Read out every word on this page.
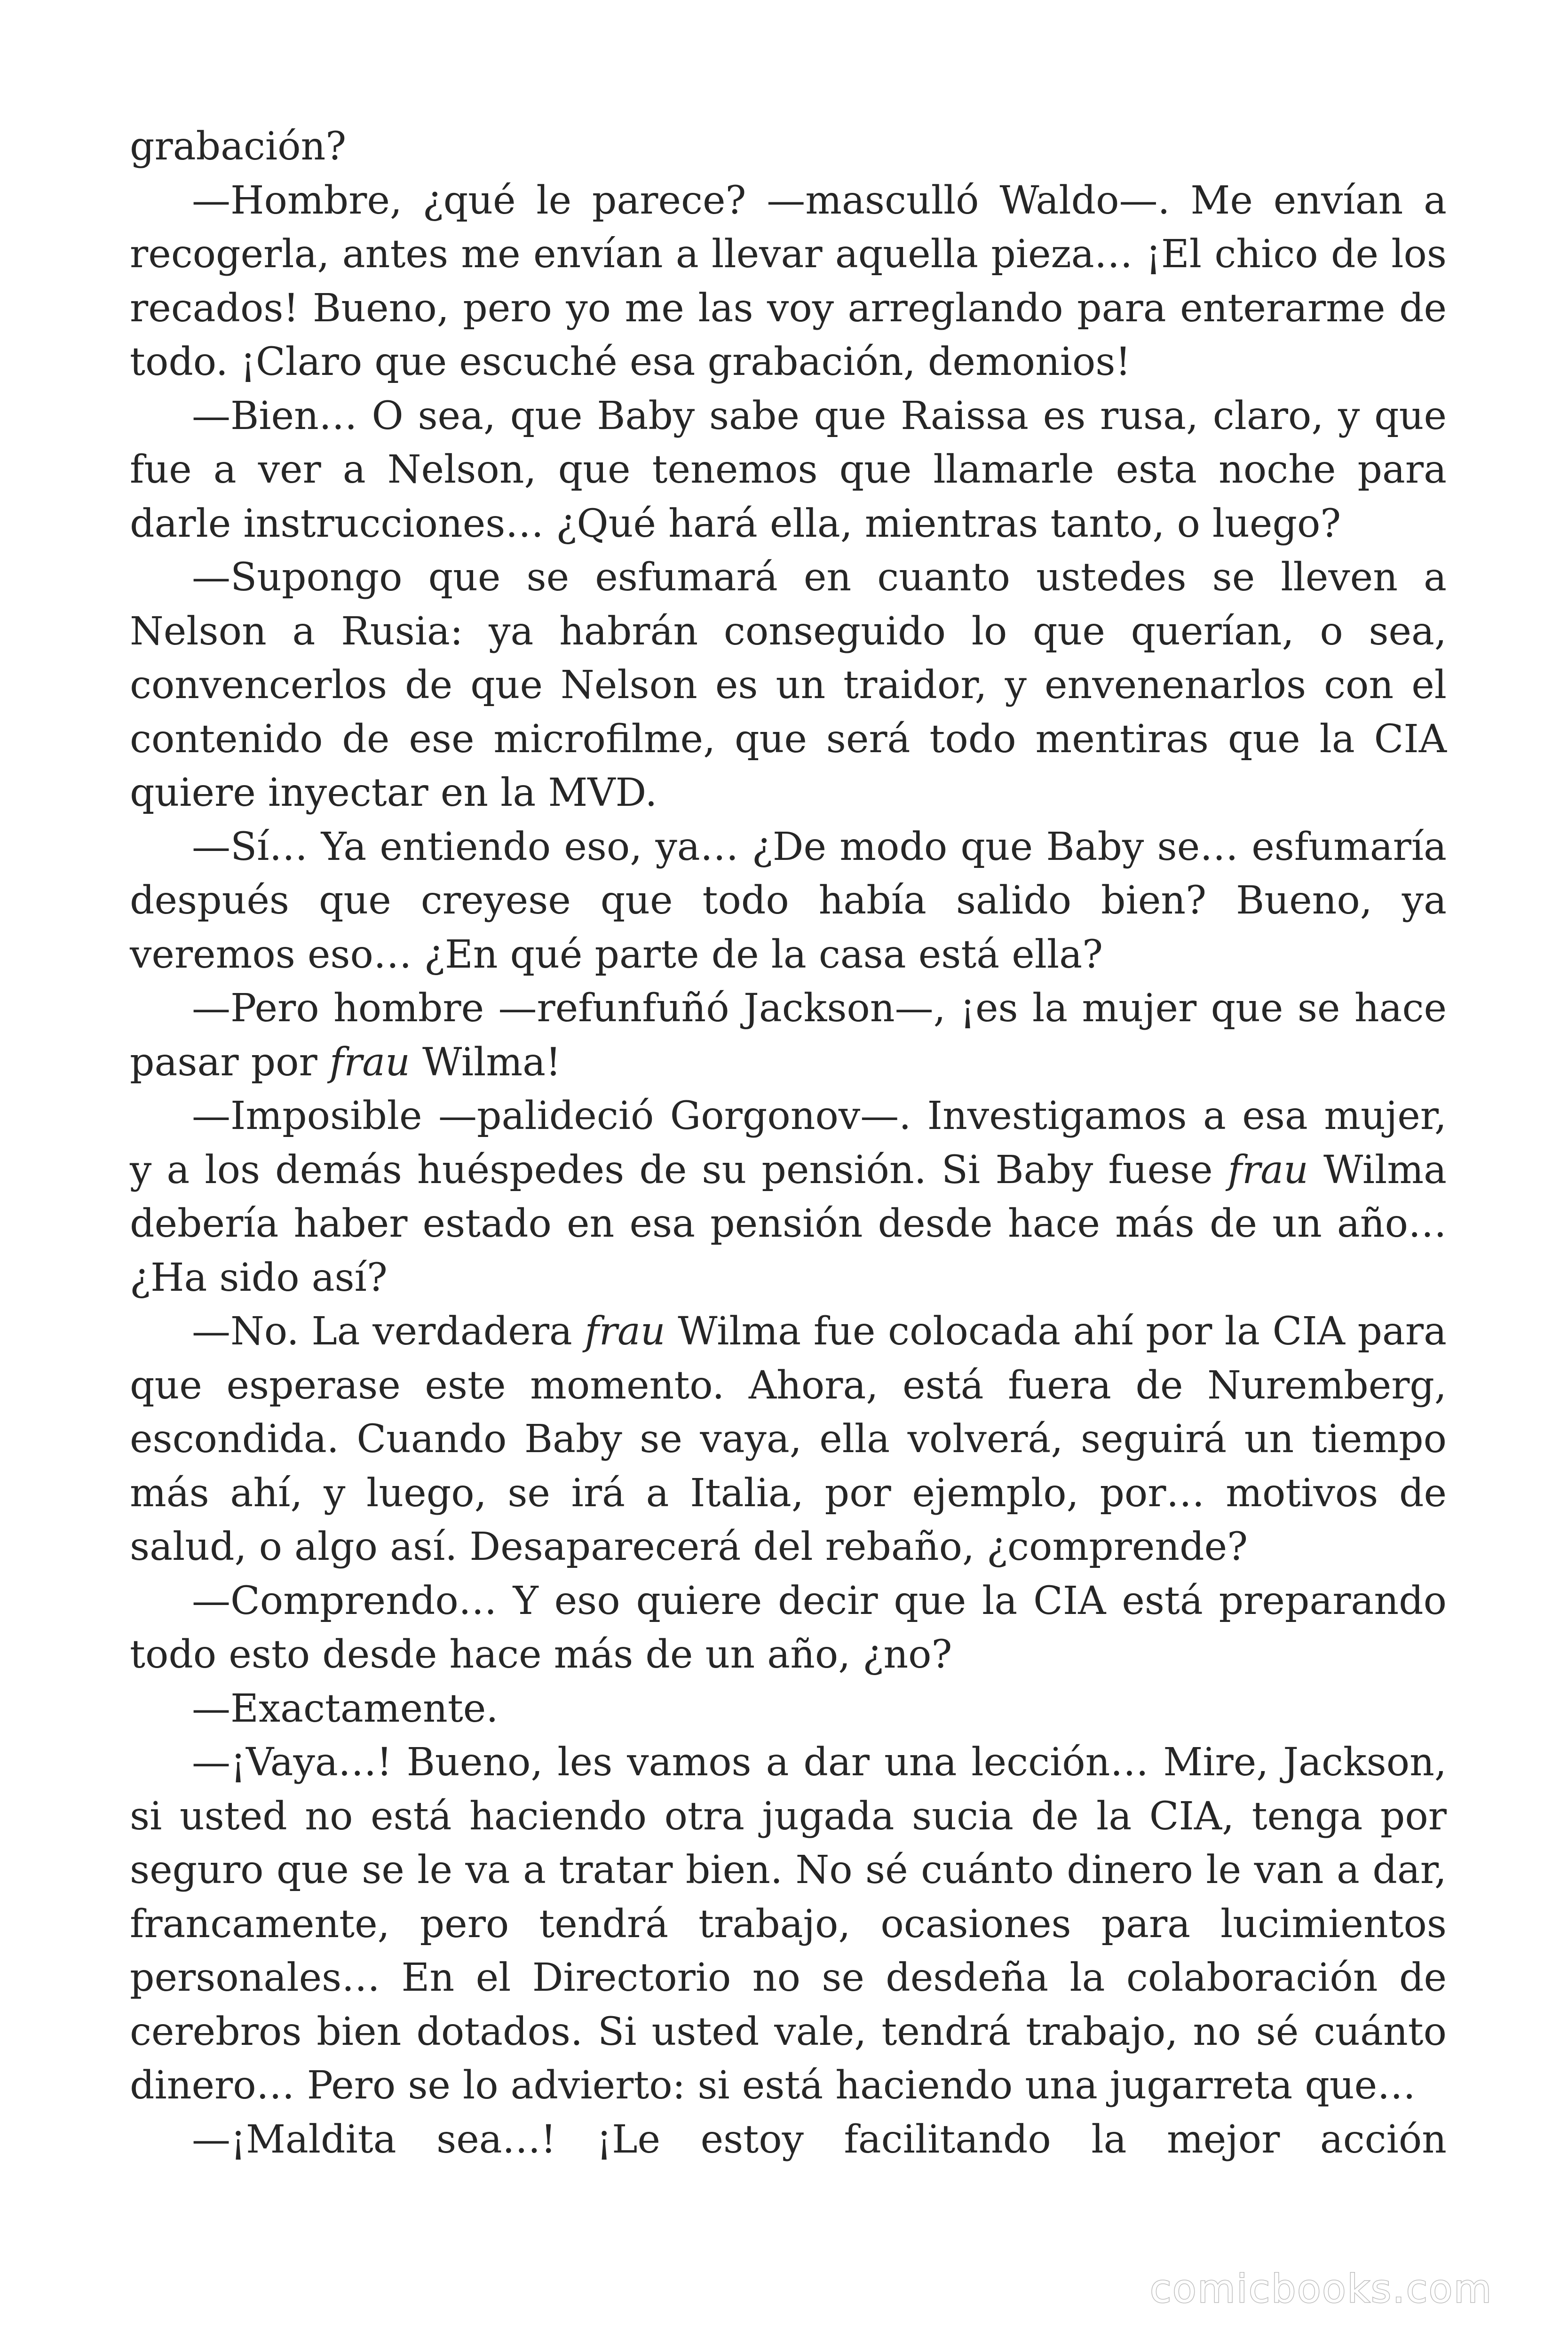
grabación?

—Hombre, ¿qué le parece? —masculló Waldo—. Me envían a recogerla, antes me envían a llevar aquella pieza… ¡El chico de los recados! Bueno, pero yo me las voy arreglando para enterarme de todo. ¡Claro que escuché esa grabación, demonios!

—Bien… O sea, que Baby sabe que Raissa es rusa, claro, y que fue a ver a Nelson, que tenemos que llamarle esta noche para darle instrucciones… ¿Qué hará ella, mientras tanto, o luego?

—Supongo que se esfumará en cuanto ustedes se lleven a Nelson a Rusia: ya habrán conseguido lo que querían, o sea, convencerlos de que Nelson es un traidor, y envenenarlos con el contenido de ese microfilme, que será todo mentiras que la CIA quiere inyectar en la MVD.

—Sí… Ya entiendo eso, ya… ¿De modo que Baby se… esfumaría después que creyese que todo había salido bien? Bueno, ya veremos eso… ¿En qué parte de la casa está ella?

—Pero hombre —refunfuñó Jackson—, ¡es la mujer que se hace pasar por frau Wilma!

—Imposible —palideció Gorgonov—. Investigamos a esa mujer, y a los demás huéspedes de su pensión. Si Baby fuese frau Wilma debería haber estado en esa pensión desde hace más de un año… ¿Ha sido así?

—No. La verdadera frau Wilma fue colocada ahí por la CIA para que esperase este momento. Ahora, está fuera de Nuremberg, escondida. Cuando Baby se vaya, ella volverá, seguirá un tiempo más ahí, y luego, se irá a Italia, por ejemplo, por… motivos de salud, o algo así. Desaparecerá del rebaño, ¿comprende?

—Comprendo… Y eso quiere decir que la CIA está preparando todo esto desde hace más de un año, ¿no?

—Exactamente.

—¡Vaya…! Bueno, les vamos a dar una lección… Mire, Jackson, si usted no está haciendo otra jugada sucia de la CIA, tenga por seguro que se le va a tratar bien. No sé cuánto dinero le van a dar, francamente, pero tendrá trabajo, ocasiones para lucimientos personales… En el Directorio no se desdeña la colaboración de cerebros bien dotados. Si usted vale, tendrá trabajo, no sé cuánto dinero… Pero se lo advierto: si está haciendo una jugarreta que…

—¡Maldita sea…! ¡Le estoy facilitando la mejor acción

comicbooks.com
